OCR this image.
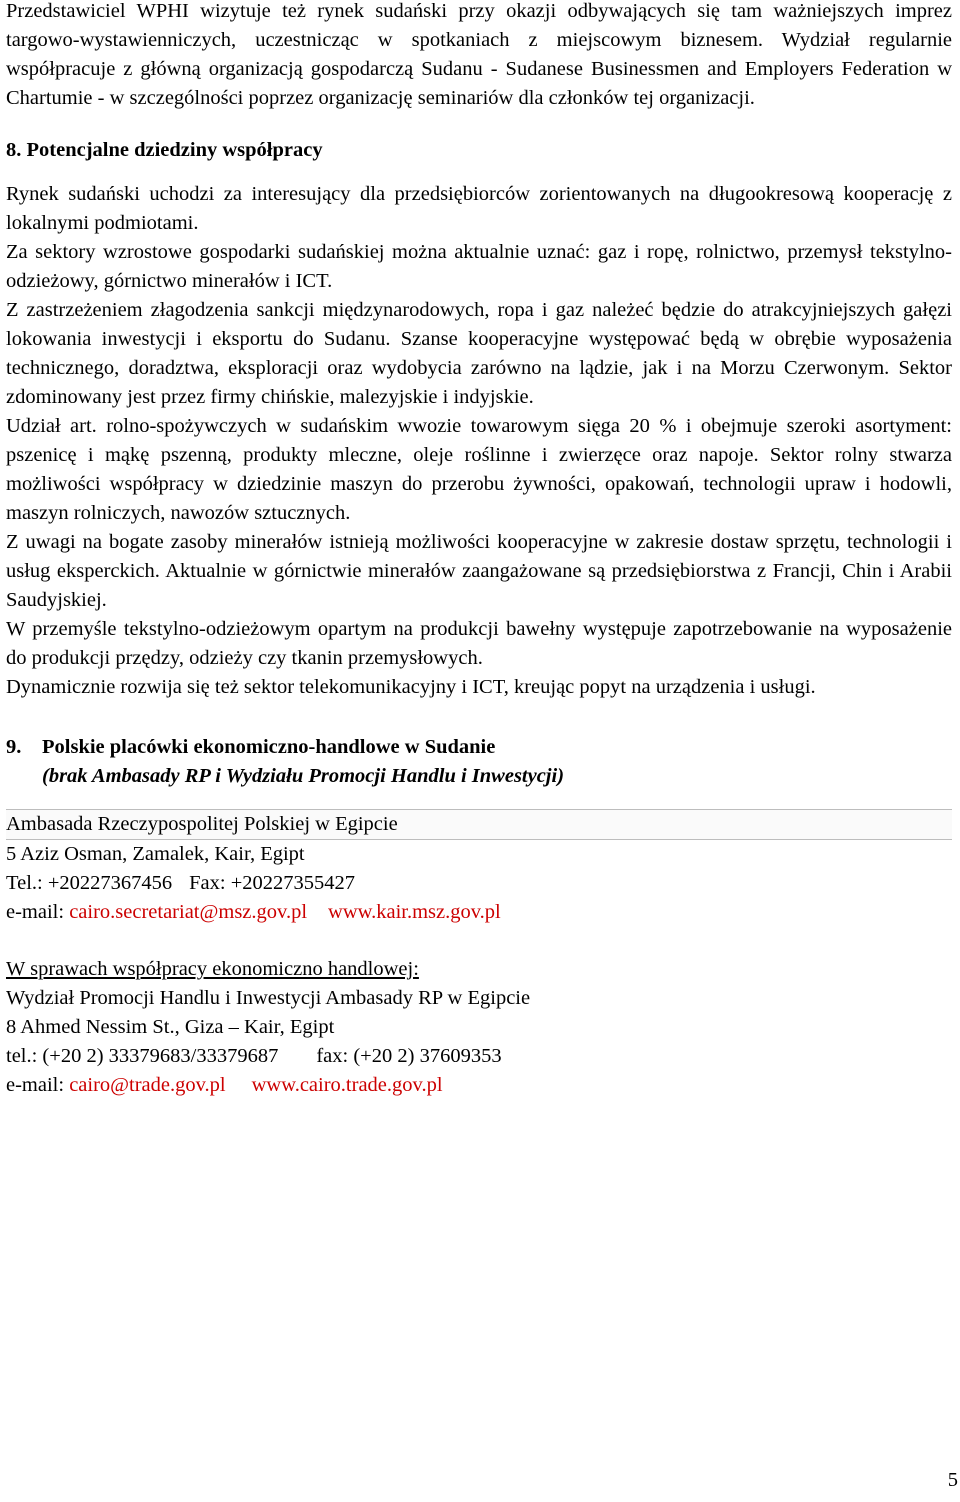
Przedstawiciel WPHI wizytuje też rynek sudański przy okazji odbywających się tam ważniejszych imprez targowo-wystawienniczych, uczestnicząc w spotkaniach z miejscowym biznesem. Wydział regularnie współpracuje z główną organizacją gospodarczą Sudanu - Sudanese Businessmen and Employers Federation w Chartumie - w szczególności poprzez organizację seminariów dla członków tej organizacji.

8. Potencjalne dziedziny współpracy

Rynek sudański uchodzi za interesujący dla przedsiębiorców zorientowanych na długookresową kooperację z lokalnymi podmiotami.

Za sektory wzrostowe gospodarki sudańskiej można aktualnie uznać: gaz i ropę, rolnictwo, przemysł tekstylno-odzieżowy, górnictwo minerałów i ICT.

Z zastrzeżeniem złagodzenia sankcji międzynarodowych, ropa i gaz należeć będzie do atrakcyjniejszych gałęzi lokowania inwestycji i eksportu do Sudanu. Szanse kooperacyjne występować będą w obrębie wyposażenia technicznego, doradztwa, eksploracji oraz wydobycia zarówno na lądzie, jak i na Morzu Czerwonym. Sektor zdominowany jest przez firmy chińskie, malezyjskie i indyjskie.

Udział art. rolno-spożywczych w sudańskim wwozie towarowym sięga 20 % i obejmuje szeroki asortyment: pszenicę i mąkę pszenną, produkty mleczne, oleje roślinne i zwierzęce oraz napoje. Sektor rolny stwarza możliwości współpracy w dziedzinie maszyn do przerobu żywności, opakowań, technologii upraw i hodowli, maszyn rolniczych, nawozów sztucznych.

Z uwagi na bogate zasoby minerałów istnieją możliwości kooperacyjne w zakresie dostaw sprzętu, technologii i usług eksperckich. Aktualnie w górnictwie minerałów zaangażowane są przedsiębiorstwa z Francji, Chin i Arabii Saudyjskiej.

W przemyśle tekstylno-odzieżowym opartym na produkcji bawełny występuje zapotrzebowanie na wyposażenie do produkcji przędzy, odzieży czy tkanin przemysłowych.

Dynamicznie rozwija się też sektor telekomunikacyjny i ICT, kreując popyt na urządzenia i usługi.

9. Polskie placówki ekonomiczno-handlowe w Sudanie
(brak Ambasady RP i Wydziału Promocji Handlu i Inwestycji)
Ambasada Rzeczypospolitej Polskiej w Egipcie
5 Aziz Osman, Zamalek, Kair, Egipt
Tel.: +20227367456 Fax: +20227355427
e-mail: cairo.secretariat@msz.gov.pl www.kair.msz.gov.pl
W sprawach współpracy ekonomiczno handlowej:
Wydział Promocji Handlu i Inwestycji Ambasady RP w Egipcie
8 Ahmed Nessim St., Giza – Kair, Egipt
tel.: (+20 2) 33379683/33379687 fax: (+20 2) 37609353
e-mail: cairo@trade.gov.pl www.cairo.trade.gov.pl
5
